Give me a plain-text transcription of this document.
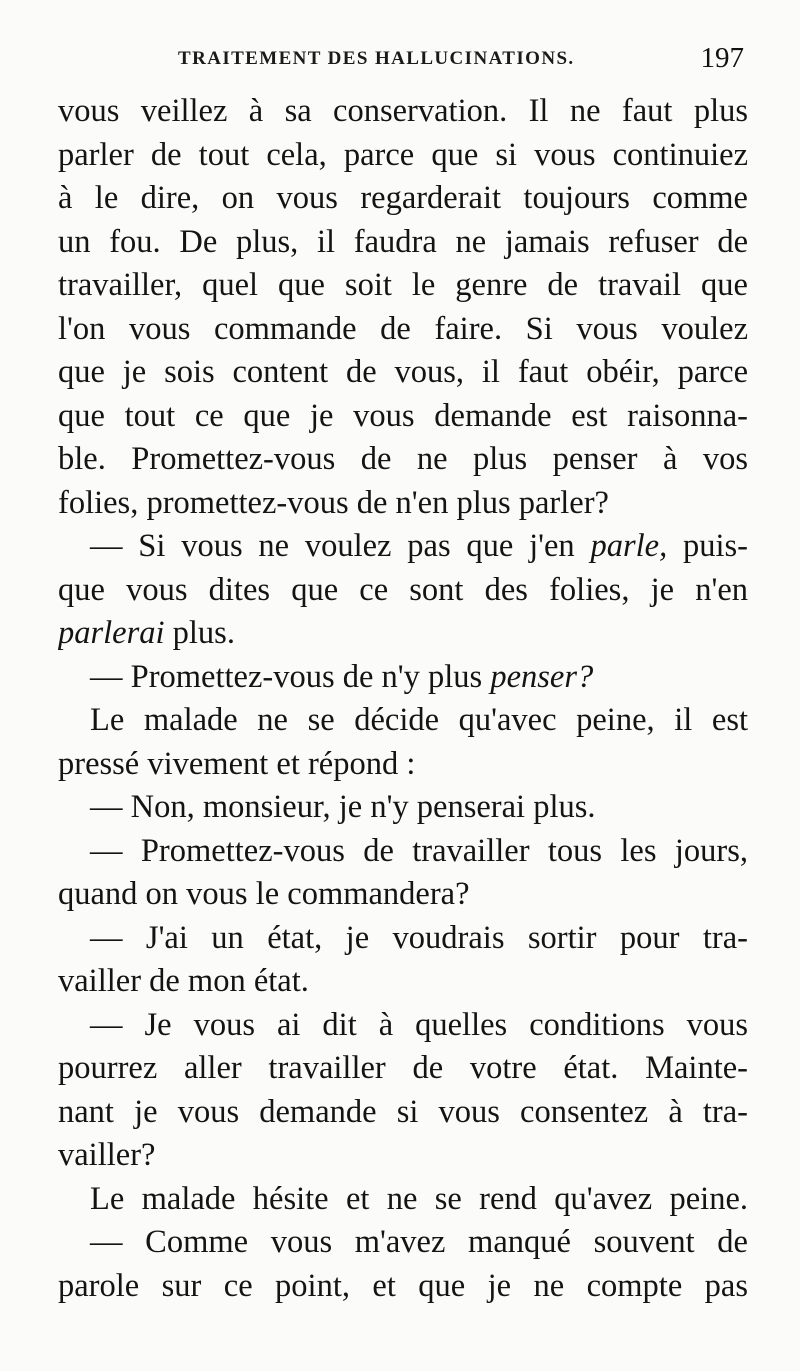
TRAITEMENT DES HALLUCINATIONS.	197
vous veillez à sa conservation. Il ne faut plus
parler de tout cela, parce que si vous continuiez
à le dire, on vous regarderait toujours comme
un fou. De plus, il faudra ne jamais refuser de
travailler, quel que soit le genre de travail que
l'on vous commande de faire. Si vous voulez
que je sois content de vous, il faut obéir, parce
que tout ce que je vous demande est raisonna-
ble. Promettez-vous de ne plus penser à vos
folies, promettez-vous de n'en plus parler?
— Si vous ne voulez pas que j'en parle, puis-
que vous dites que ce sont des folies, je n'en
parlerai plus.
— Promettez-vous de n'y plus penser?
Le malade ne se décide qu'avec peine, il est
pressé vivement et répond :
— Non, monsieur, je n'y penserai plus.
— Promettez-vous de travailler tous les jours,
quand on vous le commandera?
— J'ai un état, je voudrais sortir pour tra-
vailler de mon état.
— Je vous ai dit à quelles conditions vous
pourrez aller travailler de votre état. Mainte-
nant je vous demande si vous consentez à tra-
vailler?
Le malade hésite et ne se rend qu'avez peine.
— Comme vous m'avez manqué souvent de
parole sur ce point, et que je ne compte pas
